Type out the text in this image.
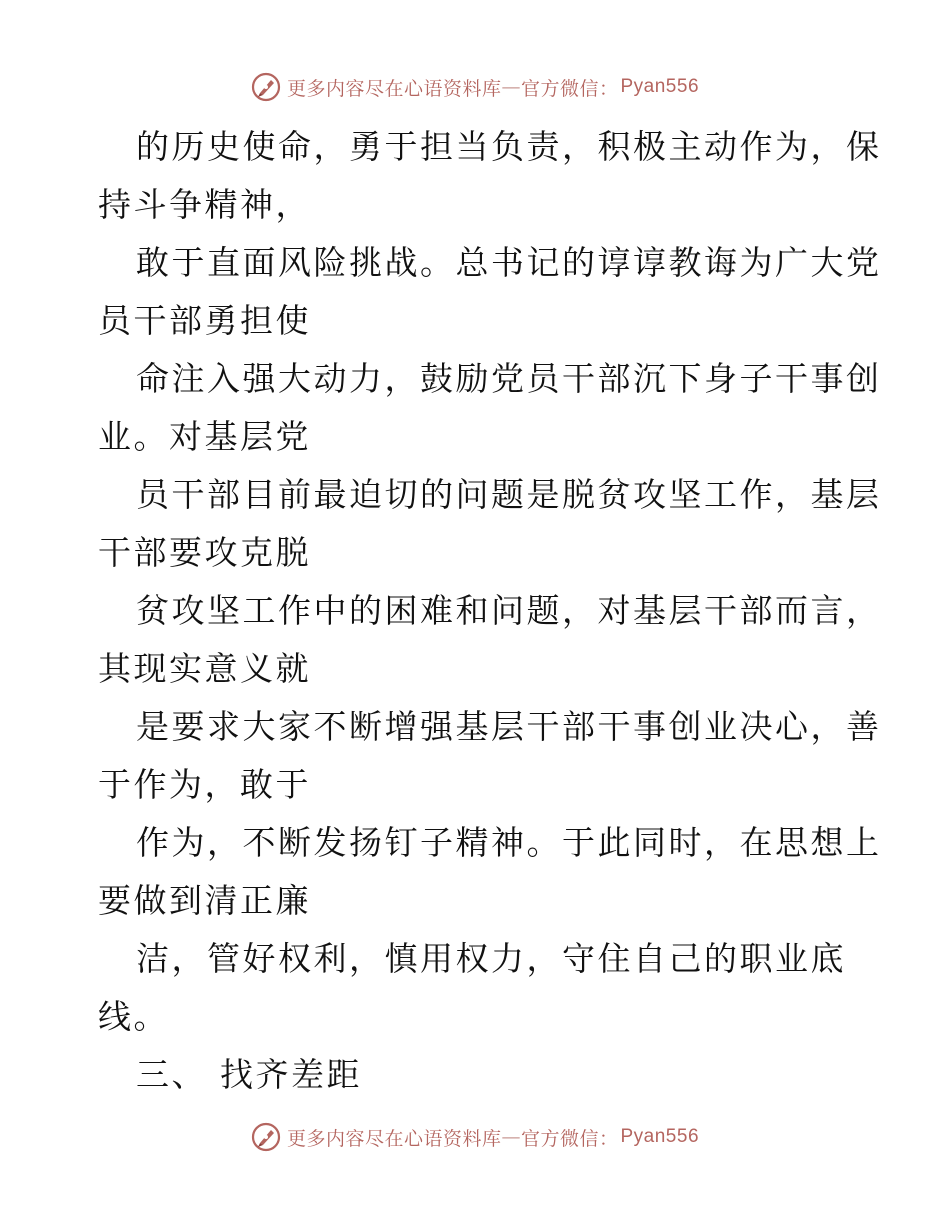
更多内容尽在心语资料库 — 官方微信： Pyan556
的历史使命，勇于担当负责，积极主动作为，保
持斗争精神，
敢于直面风险挑战。总书记的谆谆教诲为广大党
员干部勇担使
命注入强大动力，鼓励党员干部沉下身子干事创
业。对基层党
员干部目前最迫切的问题是脱贫攻坚工作，基层
干部要攻克脱
贫攻坚工作中的困难和问题，对基层干部而言，
其现实意义就
是要求大家不断增强基层干部干事创业决心，善
于作为，敢于
作为，不断发扬钉子精神。于此同时，在思想上
要做到清正廉
洁，管好权利，慎用权力，守住自己的职业底
线。
三、 找齐差距
更多内容尽在心语资料库 — 官方微信： Pyan556
